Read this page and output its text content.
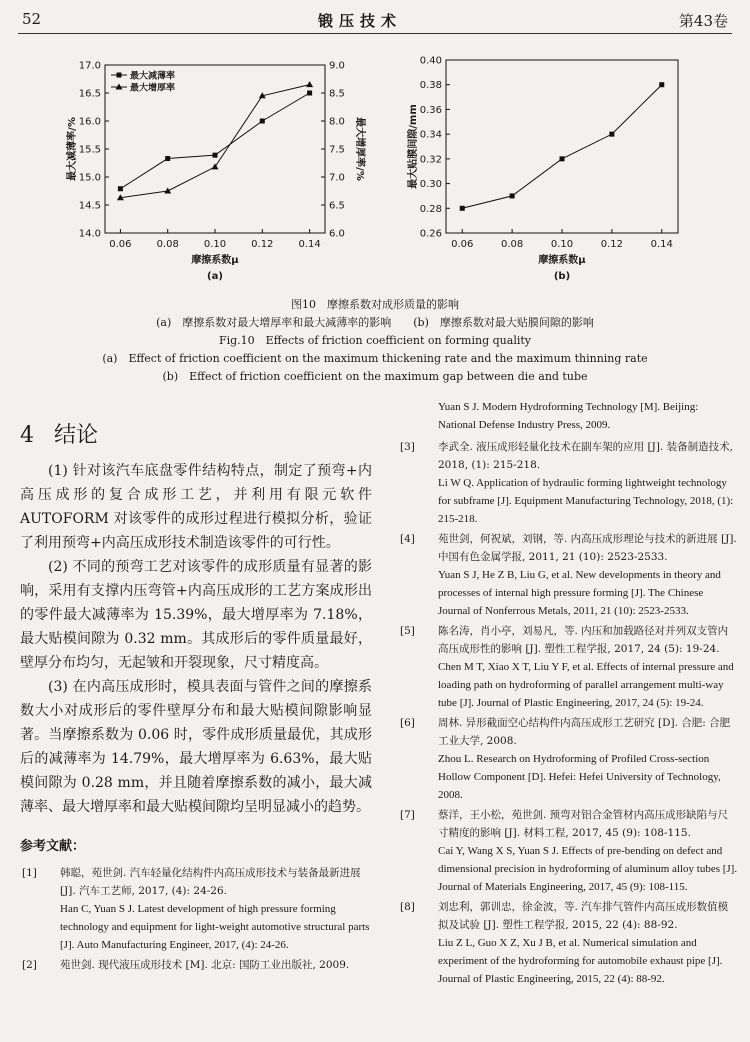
52	锻压技术	第43卷
0.06	0.08	0.10	0.12	0.14
14.0
14.5
15.0
15.5
16.0
16.5
17.0
6.0
6.5
7.0
7.5
8.0
8.5
9.0
摩擦系数μ
最大减薄率/%	最大增厚率/%
(a)
最大减薄率
最大增厚率
0.06	0.08	0.10	0.12	0.14
0.26
0.28
0.30
0.32
0.34
0.36
0.38
0.40
摩擦系数μ
最大贴膜间隙/mm
(b)
图10　摩擦系数对成形质量的影响
(a)　摩擦系数对最大增厚率和最大减薄率的影响　　(b)　摩擦系数对最大贴膜间隙的影响
Fig.10　Effects of friction coefficient on forming quality
(a)　Effect of friction coefficient on the maximum thickening rate and the maximum thinning rate
(b)　Effect of friction coefficient on the maximum gap between die and tube
4 结论

(1) 针对该汽车底盘零件结构特点，制定了预弯+内高压成形的复合成形工艺，并利用有限元软件 AUTOFORM 对该零件的成形过程进行模拟分析，验证了利用预弯+内高压成形技术制造该零件的可行性。

(2) 不同的预弯工艺对该零件的成形质量有显著的影响，采用有支撑内压弯管+内高压成形的工艺方案成形出的零件最大减薄率为 15.39%，最大增厚率为 7.18%，最大贴模间隙为 0.32 mm。其成形后的零件质量最好，壁厚分布均匀，无起皱和开裂现象，尺寸精度高。

(3) 在内高压成形时，模具表面与管件之间的摩擦系数大小对成形后的零件壁厚分布和最大贴模间隙影响显著。当摩擦系数为 0.06 时，零件成形质量最优，其成形后的减薄率为 14.79%，最大增厚率为 6.63%，最大贴模间隙为 0.28 mm，并且随着摩擦系数的减小，最大减薄率、最大增厚率和最大贴模间隙均呈明显减小的趋势。

参考文献：
[1] 韩聪，苑世剑. 汽车轻量化结构件内高压成形技术与装备最新进展 [J]. 汽车工艺师, 2017, (4): 24-26.
Han C, Yuan S J. Latest development of high pressure forming technology and equipment for light-weight automotive structural parts [J]. Auto Manufacturing Engineer, 2017, (4): 24-26.
[2] 苑世剑. 现代液压成形技术 [M]. 北京: 国防工业出版社, 2009.
Yuan S J. Modern Hydroforming Technology [M]. Beijing: National Defense Industry Press, 2009.
[3] 李武全. 液压成形轻量化技术在副车架的应用 [J]. 装备制造技术, 2018, (1): 215-218.
Li W Q. Application of hydraulic forming lightweight technology for subframe [J]. Equipment Manufacturing Technology, 2018, (1): 215-218.
[4] 苑世剑，何祝斌，刘钢，等. 内高压成形理论与技术的新进展 [J]. 中国有色金属学报, 2011, 21 (10): 2523-2533.
Yuan S J, He Z B, Liu G, et al. New developments in theory and processes of internal high pressure forming [J]. The Chinese Journal of Nonferrous Metals, 2011, 21 (10): 2523-2533.
[5] 陈名涛，肖小亭，刘易凡，等. 内压和加载路径对并列双支管内高压成形性的影响 [J]. 塑性工程学报, 2017, 24 (5): 19-24.
Chen M T, Xiao X T, Liu Y F, et al. Effects of internal pressure and loading path on hydroforming of parallel arrangement multi-way tube [J]. Journal of Plastic Engineering, 2017, 24 (5): 19-24.
[6] 周林. 异形截面空心结构件内高压成形工艺研究 [D]. 合肥: 合肥工业大学, 2008.
Zhou L. Research on Hydroforming of Profiled Cross-section Hollow Component [D]. Hefei: Hefei University of Technology, 2008.
[7] 蔡洋，王小松，苑世剑. 预弯对铝合金管材内高压成形缺陷与尺寸精度的影响 [J]. 材料工程, 2017, 45 (9): 108-115.
Cai Y, Wang X S, Yuan S J. Effects of pre-bending on defect and dimensional precision in hydroforming of aluminum alloy tubes [J]. Journal of Materials Engineering, 2017, 45 (9): 108-115.
[8] 刘忠利，郭训忠，徐金波，等. 汽车排气管件内高压成形数值模拟及试验 [J]. 塑性工程学报, 2015, 22 (4): 88-92.
Liu Z L, Guo X Z, Xu J B, et al. Numerical simulation and experiment of the hydroforming for automobile exhaust pipe [J]. Journal of Plastic Engineering, 2015, 22 (4): 88-92.
